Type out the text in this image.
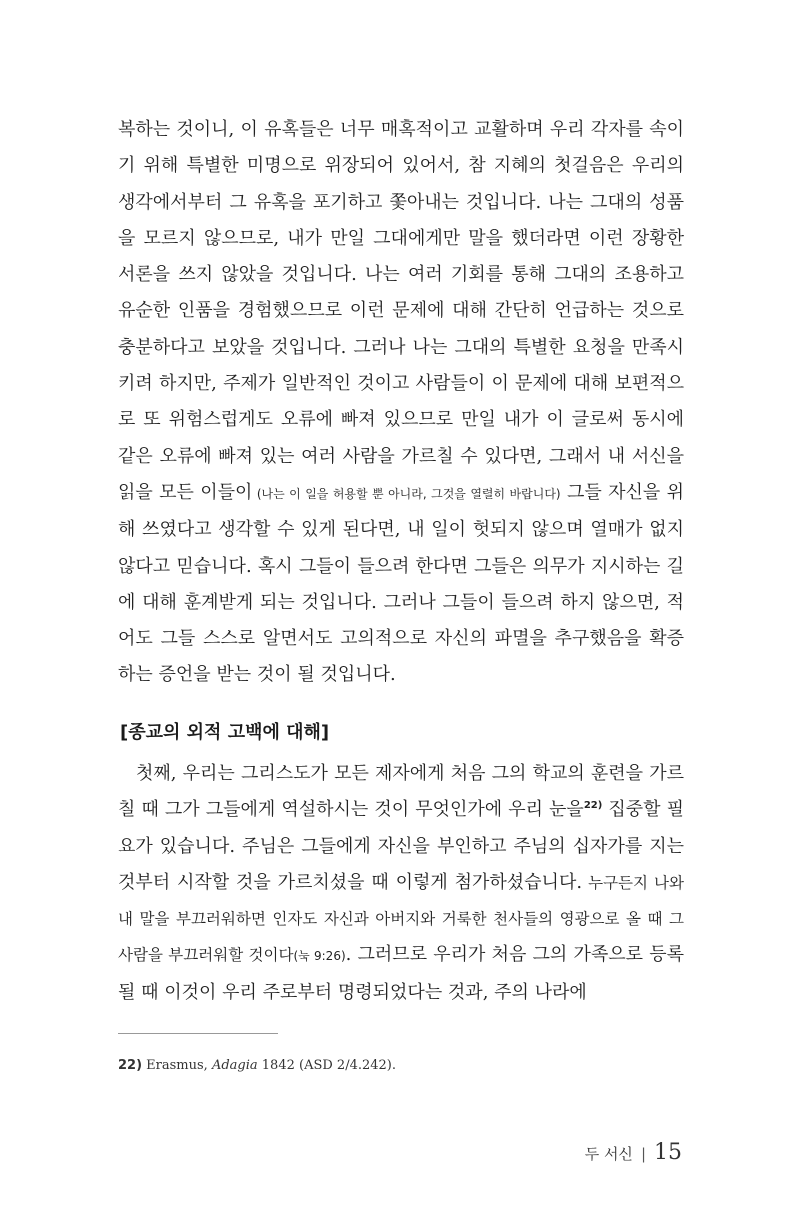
복하는 것이니, 이 유혹들은 너무 매혹적이고 교활하며 우리 각자를 속이기 위해 특별한 미명으로 위장되어 있어서, 참 지혜의 첫걸음은 우리의 생각에서부터 그 유혹을 포기하고 쫓아내는 것입니다. 나는 그대의 성품을 모르지 않으므로, 내가 만일 그대에게만 말을 했더라면 이런 장황한 서론을 쓰지 않았을 것입니다. 나는 여러 기회를 통해 그대의 조용하고 유순한 인품을 경험했으므로 이런 문제에 대해 간단히 언급하는 것으로 충분하다고 보았을 것입니다. 그러나 나는 그대의 특별한 요청을 만족시키려 하지만, 주제가 일반적인 것이고 사람들이 이 문제에 대해 보편적으로 또 위험스럽게도 오류에 빠져 있으므로 만일 내가 이 글로써 동시에 같은 오류에 빠져 있는 여러 사람을 가르칠 수 있다면, 그래서 내 서신을 읽을 모든 이들이 (나는 이 일을 허용할 뿐 아니라, 그것을 열렬히 바랍니다) 그들 자신을 위해 쓰였다고 생각할 수 있게 된다면, 내 일이 헛되지 않으며 열매가 없지 않다고 믿습니다. 혹시 그들이 들으려 한다면 그들은 의무가 지시하는 길에 대해 훈계받게 되는 것입니다. 그러나 그들이 들으려 하지 않으면, 적어도 그들 스스로 알면서도 고의적으로 자신의 파멸을 추구했음을 확증하는 증언을 받는 것이 될 것입니다.

[종교의 외적 고백에 대해]
첫째, 우리는 그리스도가 모든 제자에게 처음 그의 학교의 훈련을 가르칠 때 그가 그들에게 역설하시는 것이 무엇인가에 우리 눈을$^{22)}$ 집중할 필요가 있습니다. 주님은 그들에게 자신을 부인하고 주님의 십자가를 지는 것부터 시작할 것을 가르치셨을 때 이렇게 첨가하셨습니다. 누구든지 나와 내 말을 부끄러워하면 인자도 자신과 아버지와 거룩한 천사들의 영광으로 올 때 그 사람을 부끄러워할 것이다(눅 9:26). 그러므로 우리가 처음 그의 가족으로 등록될 때 이것이 우리 주로부터 명령되었다는 것과, 주의 나라에
22) Erasmus, Adagia 1842 (ASD 2/4.242).
두 서신 | 15
